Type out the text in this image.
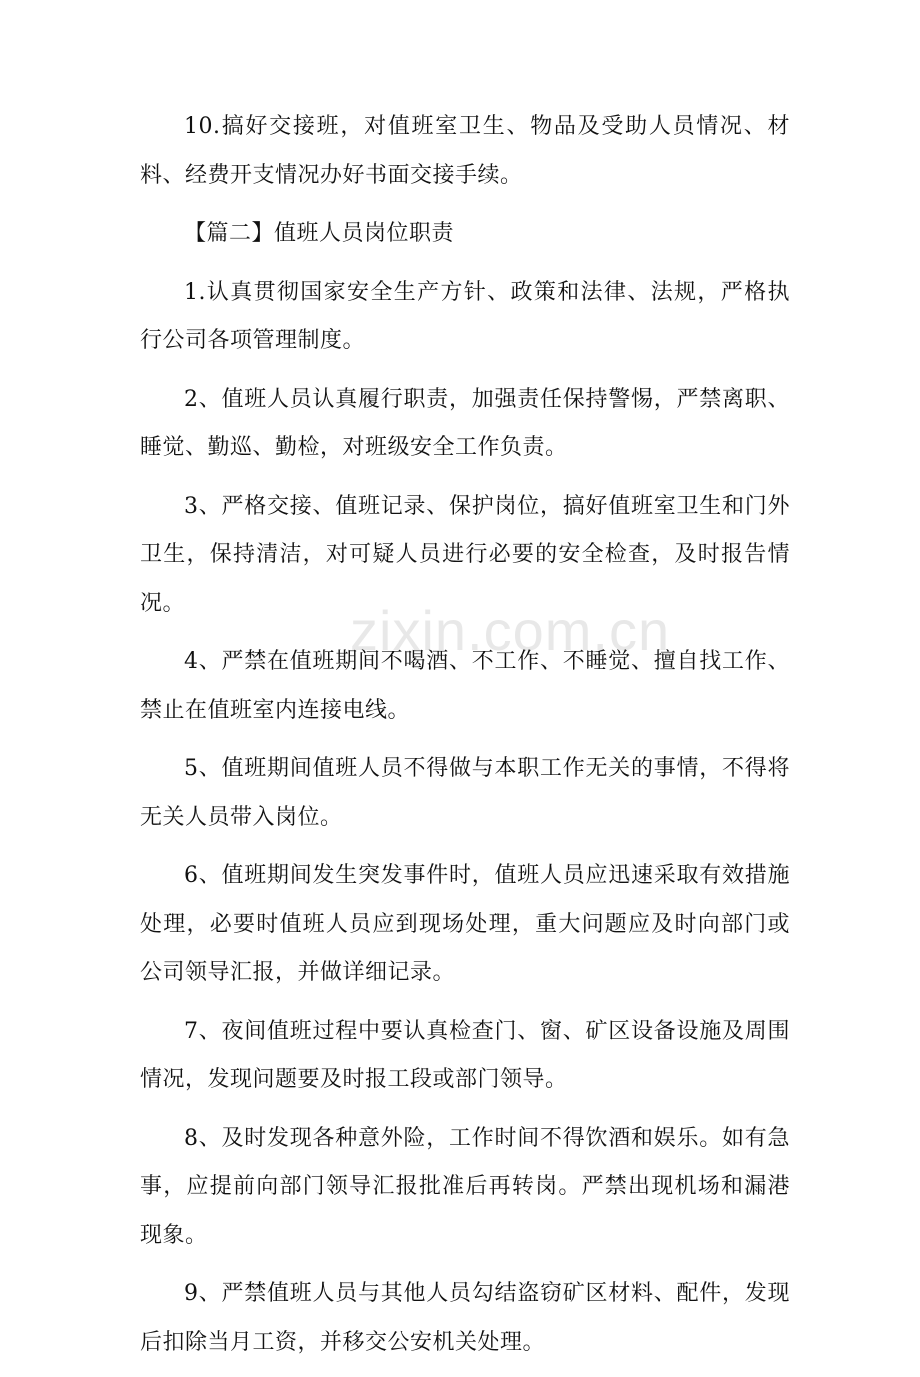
10.搞好交接班，对值班室卫生、物品及受助人员情况、材料、经费开支情况办好书面交接手续。

【篇二】值班人员岗位职责

1.认真贯彻国家安全生产方针、政策和法律、法规，严格执行公司各项管理制度。

2、值班人员认真履行职责，加强责任保持警惕，严禁离职、睡觉、勤巡、勤检，对班级安全工作负责。

3、严格交接、值班记录、保护岗位，搞好值班室卫生和门外卫生，保持清洁，对可疑人员进行必要的安全检查，及时报告情况。

4、严禁在值班期间不喝酒、不工作、不睡觉、擅自找工作、禁止在值班室内连接电线。

5、值班期间值班人员不得做与本职工作无关的事情，不得将无关人员带入岗位。

6、值班期间发生突发事件时，值班人员应迅速采取有效措施处理，必要时值班人员应到现场处理，重大问题应及时向部门或公司领导汇报，并做详细记录。

7、夜间值班过程中要认真检查门、窗、矿区设备设施及周围情况，发现问题要及时报工段或部门领导。

8、及时发现各种意外险，工作时间不得饮酒和娱乐。如有急事，应提前向部门领导汇报批准后再转岗。严禁出现机场和漏港现象。

9、严禁值班人员与其他人员勾结盗窃矿区材料、配件，发现后扣除当月工资，并移交公安机关处理。

zixin.com.cn
